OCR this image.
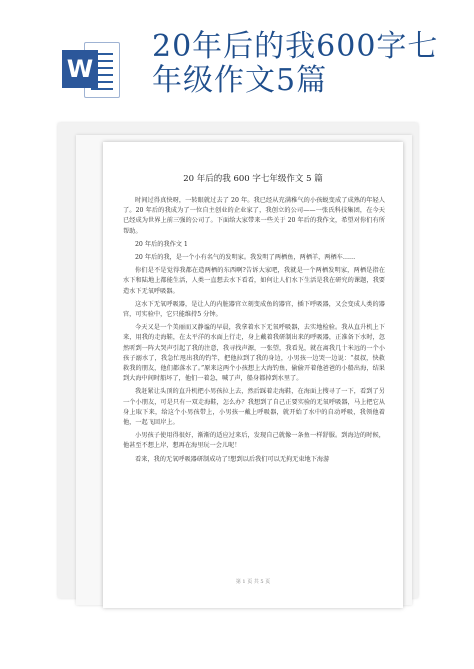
W
20年后的我600字七年级作文5篇
20 年后的我 600 字七年级作文 5 篇

时间过得真快呀，一转眼就过去了 20 年。我已经从充满稚气的小孩蜕变成了成熟的年轻人了。20 年后的我成为了一位自主创业的企业家了，我创立的公司——一张氏科技集团，在今天已经成为世界上前三强的公司了。下面给大家带来一些关于 20 年后的我作文，希望对你们有所帮助。

20 年后的我作文 1

20 年后的我，是一个小有名气的发明家。我发明了两栖鱼，两栖羊，两栖车……

你们是不是觉得我都在造两栖的东西啊?告诉大家吧，我就是一个两栖发明家，两栖是指在水下和陆地上都能生活，人类一直想去水下看看，如何让人们水下生活是我在研究的课题，我要造水下无氧呼吸器。

这水下无氧呼吸器，是让人的内脏器官立刻变成鱼的器官，插下呼吸器，又会变成人类的器官，可实验中，它只能维持5 分钟。

今天又是一个美丽而又静谧的早晨，我拿着水下无氧呼吸器，去实地检验。我从直升机上下来，用我的走海鞋，在太平洋的水面上行走，身上戴着我研制出来的呼吸器，正准备下水时，忽然听到一阵大哭声引起了我的注意，我寻找声源，一张望，我看见，就在离我几十米远的一个小孩子溺水了，我急忙甩出我的钓竿，把他拉到了我的身边，小男孩一边哭一边说：“叔叔，快救救我的朋友，他们都落水了。”原来这两个小孩想上大海钓鱼，偷偷开着他爸爸的小船出海，结果到大海中间时船坏了，他们一着急，喊了声，船身都掉到水里了。

我赶紧让头顶的直升机把小男孩拉上去，然后踩着走海鞋，在海面上搜寻了一下，看到了另一个小朋友，可是只有一双走海鞋，怎么办？我想到了自己正要实验的无氧呼吸器，马上把它从身上取下来，给这个小男孩带上，小男孩一戴上呼吸器，就开始了水中的自动呼吸，我领他着他，一起飞回岸上。

小男孩子使用得很好，渐渐的适应过来后，发现自己就像一条鱼一样舒服。到海边的时候，他甚至不想上岸，想再在海里玩一会儿呢！

看来，我的无氧呼吸器研制成功了!想到以后我们可以无拘无束地下海游

第 1 页 共 5 页
